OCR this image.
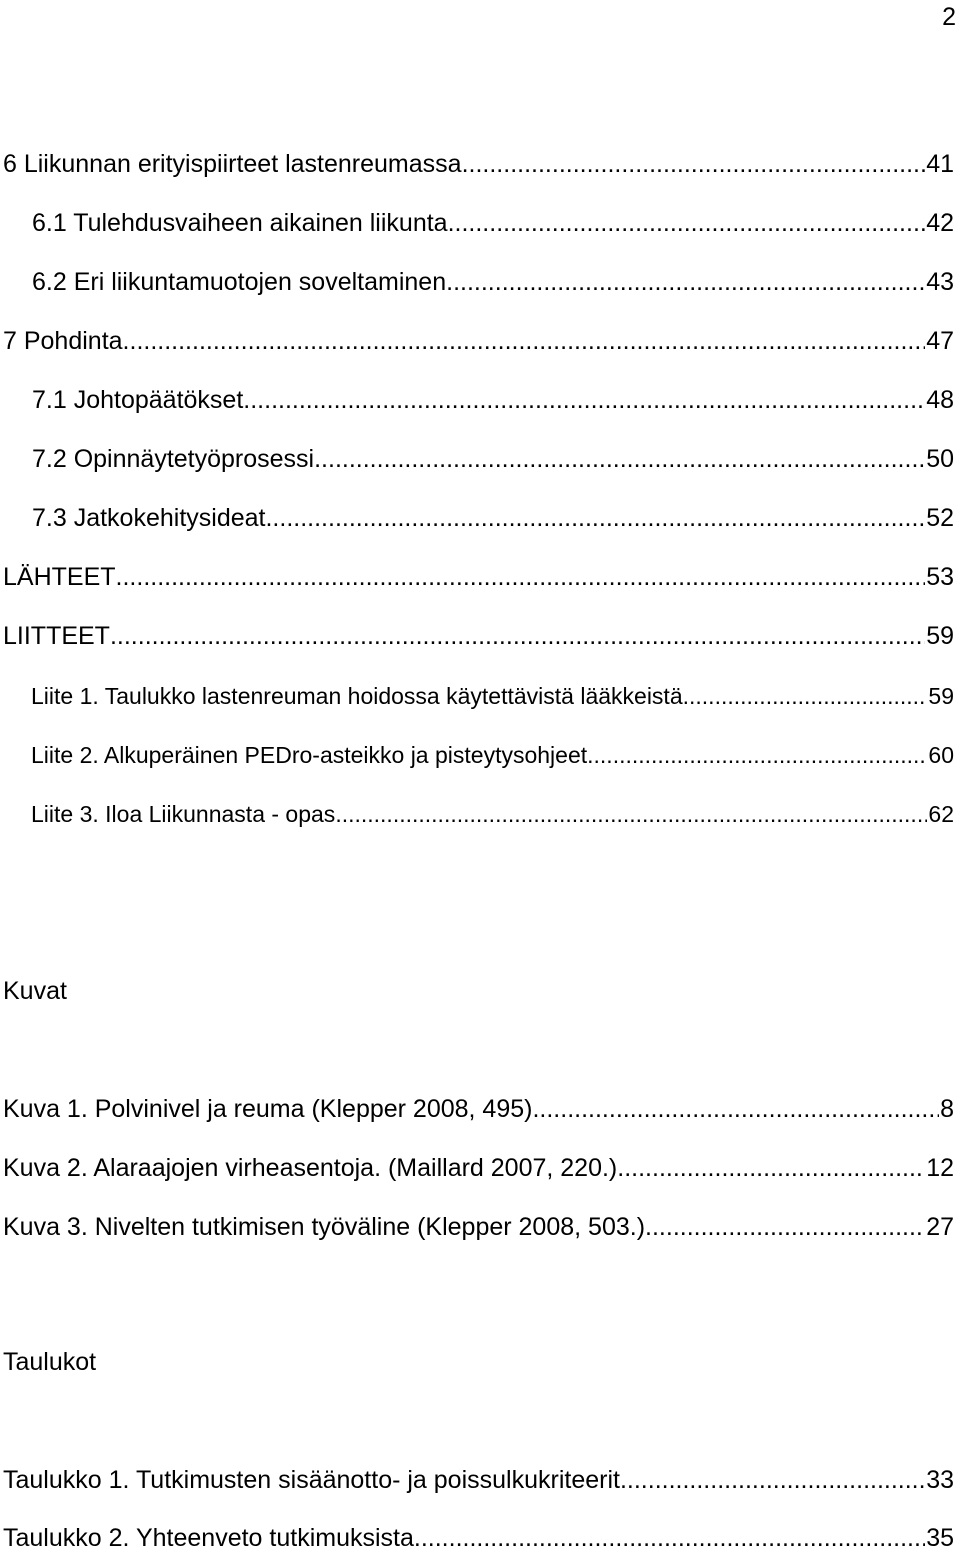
2
6 Liikunnan erityispiirteet lastenreumassa .....	41
6.1 Tulehdusvaiheen aikainen liikunta .....	42
6.2 Eri liikuntamuotojen soveltaminen .....	43
7 Pohdinta .....	47
7.1 Johtopäätökset .....	48
7.2 Opinnäytetyöprosessi .....	50
7.3 Jatkokehitysideat .....	52
LÄHTEET .....	53
LIITTEET .....	59
Liite 1. Taulukko lastenreuman hoidossa käytettävistä lääkkeistä. .....	59
Liite 2. Alkuperäinen PEDro-asteikko ja pisteytysohjeet .....	60
Liite 3. Iloa Liikunnasta - opas .....	62
Kuvat
Kuva 1. Polvinivel ja reuma (Klepper 2008, 495) .....	8
Kuva 2. Alaraajojen virheasentoja. (Maillard 2007, 220.) .....	12
Kuva 3. Nivelten tutkimisen työväline (Klepper 2008, 503.) .....	27
Taulukot
Taulukko 1. Tutkimusten sisäänotto- ja poissulkukriteerit. .....	33
Taulukko 2. Yhteenveto tutkimuksista .....	35
